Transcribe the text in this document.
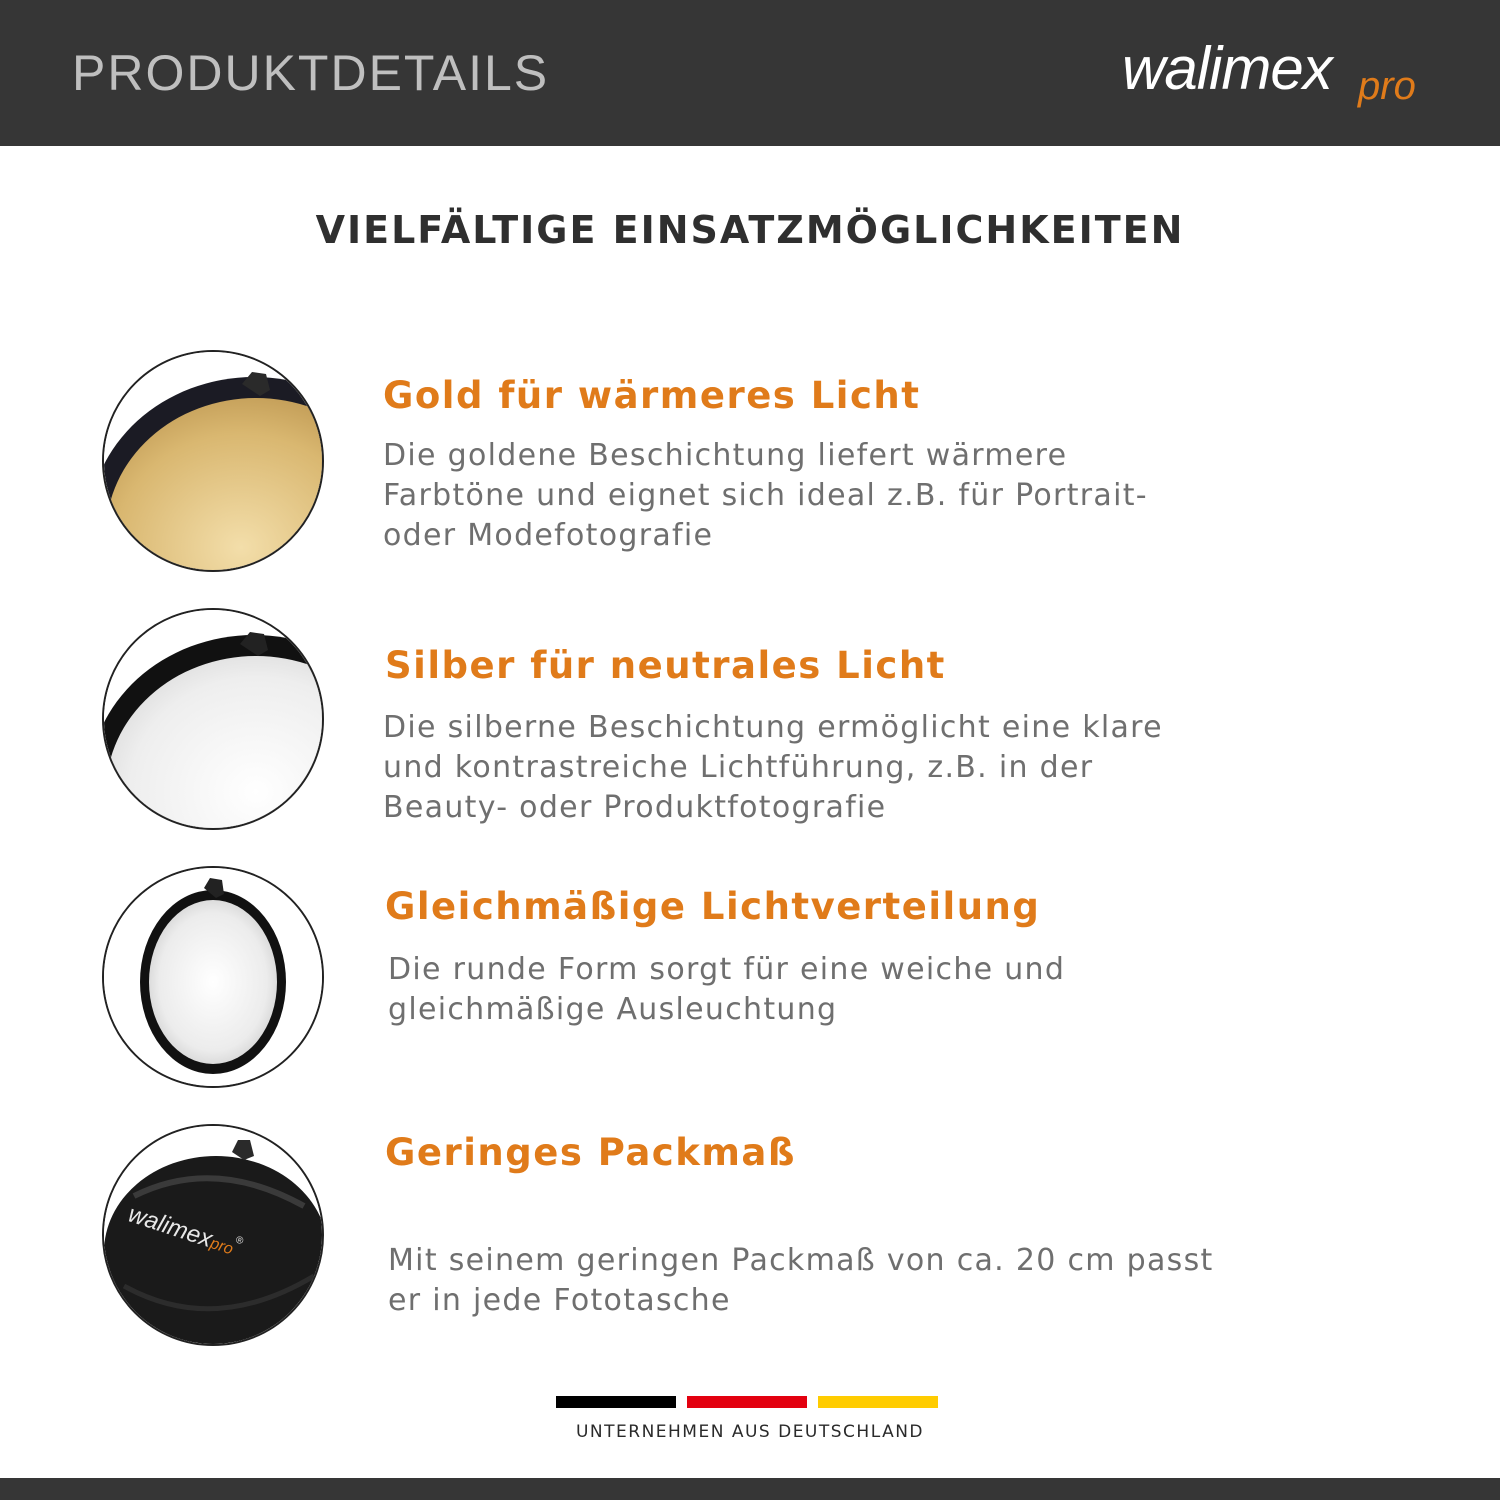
PRODUKTDETAILS	walimex pro
VIELFÄLTIGE EINSATZMÖGLICHKEITEN
Gold für wärmeres Licht
Die goldene Beschichtung liefert wärmere
Farbtöne und eignet sich ideal z.B. für Portrait-
oder Modefotografie
Silber für neutrales Licht
Die silberne Beschichtung ermöglicht eine klare
und kontrastreiche Lichtführung, z.B. in der
Beauty- oder Produktfotografie
Gleichmäßige Lichtverteilung
Die runde Form sorgt für eine weiche und
gleichmäßige Ausleuchtung
walimexpro®
Geringes Packmaß
Mit seinem geringen Packmaß von ca. 20 cm passt
er in jede Fototasche
UNTERNEHMEN AUS DEUTSCHLAND
